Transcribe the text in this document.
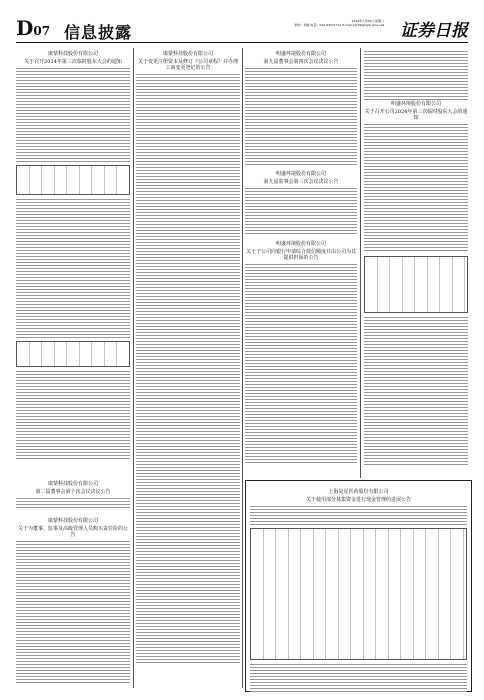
D07 信息披露
2024年7月20日 星期六
制作：刘骏 电话：010-63071714 E-mail:zqrb9@zqrb.sina.net 证券日报
康蒙科技股份有限公司
关于召开2024年第三次临时股东大会的通知
康蒙科技股份有限公司
第二届董事会第十次会议决议公告
康蒙科技股份有限公司
关于为董事、监事及高级管理人员购买责任险的公告
康蒙科技股份有限公司
关于变更注册资本及修订《公司章程》并办理工商变更登记的公告
明盛环境股份有限公司
第九届董事会第四次会议决议公告
明盛环境股份有限公司
第九届监事会第三次会议决议公告
明盛环境股份有限公司
关于子公司向银行申请综合授信额度并由公司为其提供担保的公告
明盛环境股份有限公司
关于召开公司2024年第三次临时股东大会的通知
上海复星医药股份有限公司
关于使用部分募集资金进行现金管理的进展公告
